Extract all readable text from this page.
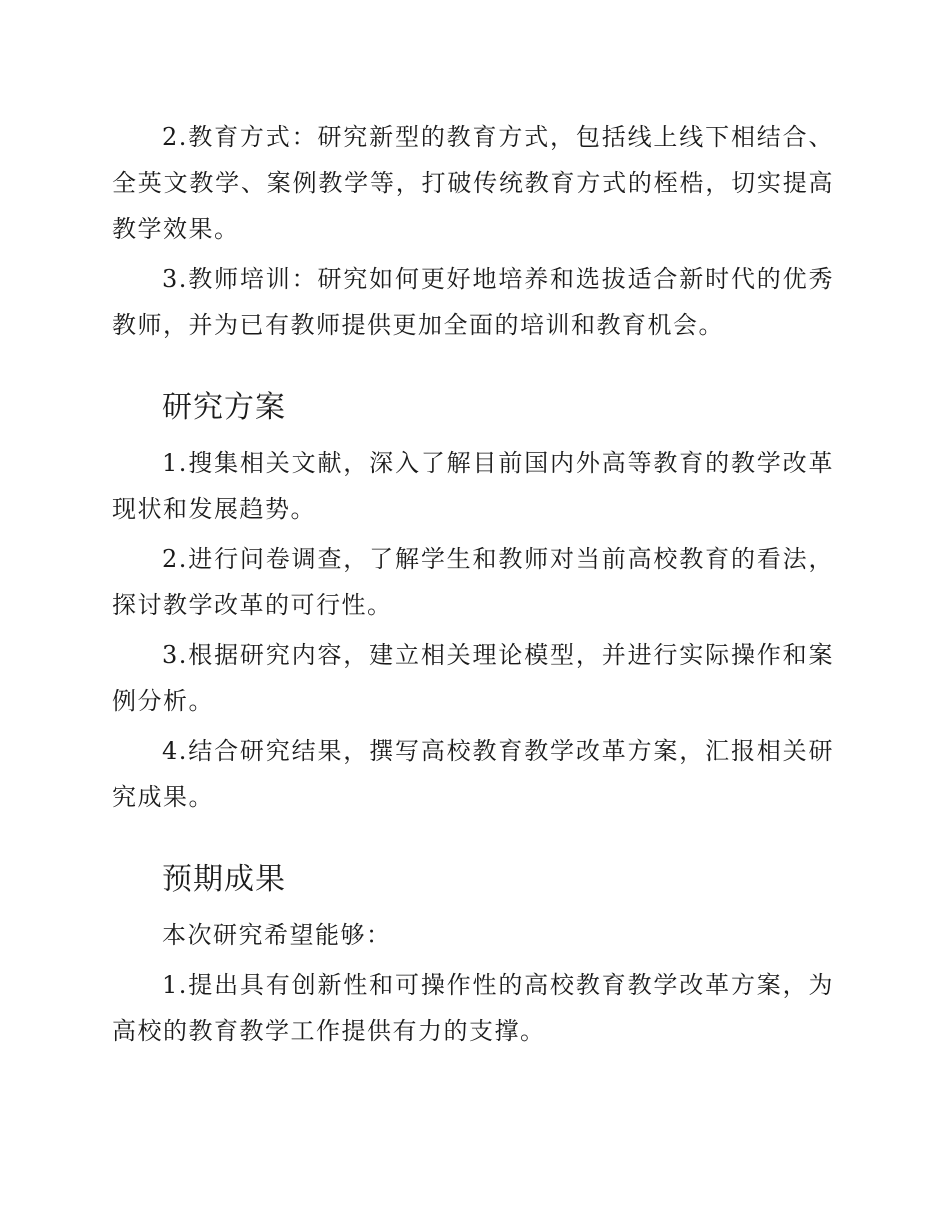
2.教育方式：研究新型的教育方式，包括线上线下相结合、全英文教学、案例教学等，打破传统教育方式的桎梏，切实提高教学效果。

3.教师培训：研究如何更好地培养和选拔适合新时代的优秀教师，并为已有教师提供更加全面的培训和教育机会。

研究方案

1.搜集相关文献，深入了解目前国内外高等教育的教学改革现状和发展趋势。

2.进行问卷调查，了解学生和教师对当前高校教育的看法，探讨教学改革的可行性。

3.根据研究内容，建立相关理论模型，并进行实际操作和案例分析。

4.结合研究结果，撰写高校教育教学改革方案，汇报相关研究成果。

预期成果

本次研究希望能够：

1.提出具有创新性和可操作性的高校教育教学改革方案，为高校的教育教学工作提供有力的支撑。
